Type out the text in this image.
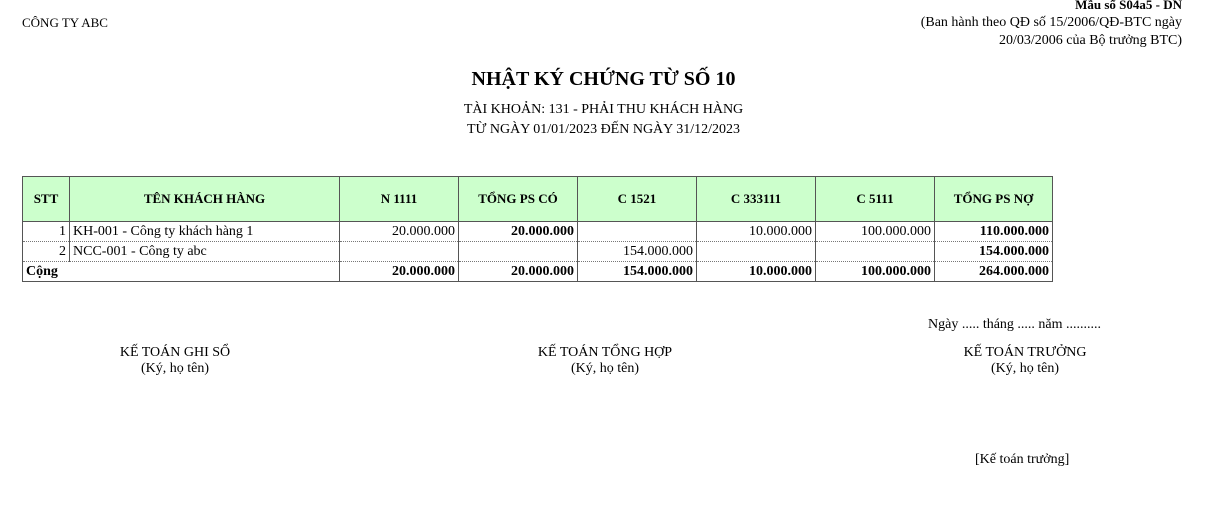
CÔNG TY ABC
Mẫu số S04a5 - DN
(Ban hành theo QĐ số 15/2006/QĐ-BTC ngày
20/03/2006 của Bộ trưởng BTC)
NHẬT KÝ CHỨNG TỪ SỐ 10
TÀI KHOẢN: 131 - PHẢI THU KHÁCH HÀNG
TỪ NGÀY 01/01/2023 ĐẾN NGÀY 31/12/2023
STT	TÊN KHÁCH HÀNG	N 1111	TỔNG PS CÓ	C 1521	C 333111	C 5111	TỔNG PS NỢ
1	KH-001 - Công ty khách hàng 1	20.000.000	20.000.000		10.000.000	100.000.000	110.000.000
2	NCC-001 - Công ty abc			154.000.000			154.000.000
Cộng		20.000.000	20.000.000	154.000.000	10.000.000	100.000.000	264.000.000
Ngày ..... tháng ..... năm ..........
KẾ TOÁN GHI SỔ
(Ký, họ tên)
KẾ TOÁN TỔNG HỢP
(Ký, họ tên)
KẾ TOÁN TRƯỞNG
(Ký, họ tên)
[Kế toán trưởng]
